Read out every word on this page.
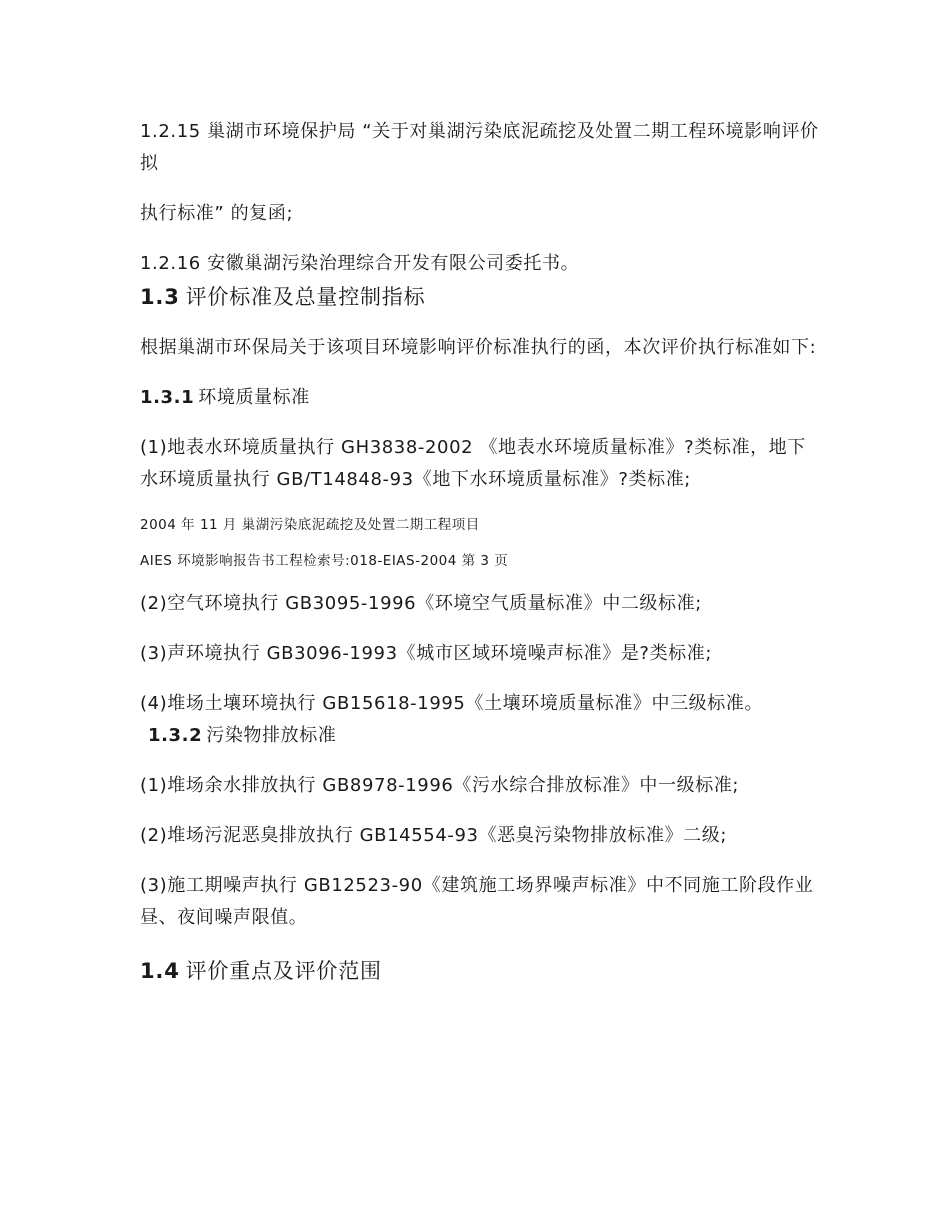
1.2.15 巢湖市环境保护局 “关于对巢湖污染底泥疏挖及处置二期工程环境影响评价拟

执行标准” 的复函;

1.2.16 安徽巢湖污染治理综合开发有限公司委托书。

1.3 评价标准及总量控制指标

根据巢湖市环保局关于该项目环境影响评价标准执行的函，本次评价执行标准如下:

1.3.1 环境质量标准

(1)地表水环境质量执行 GH3838-2002 《地表水环境质量标准》?类标准，地下水环境质量执行 GB/T14848-93《地下水环境质量标准》?类标准;

2004 年 11 月 巢湖污染底泥疏挖及处置二期工程项目

AIES 环境影响报告书工程检索号:018-EIAS-2004 第 3 页

(2)空气环境执行 GB3095-1996《环境空气质量标准》中二级标准;

(3)声环境执行 GB3096-1993《城市区域环境噪声标准》是?类标准;

(4)堆场土壤环境执行 GB15618-1995《土壤环境质量标准》中三级标准。1.3.2 污染物排放标准

(1)堆场余水排放执行 GB8978-1996《污水综合排放标准》中一级标准;

(2)堆场污泥恶臭排放执行 GB14554-93《恶臭污染物排放标准》二级;

(3)施工期噪声执行 GB12523-90《建筑施工场界噪声标准》中不同施工阶段作业昼、夜间噪声限值。

1.4 评价重点及评价范围
